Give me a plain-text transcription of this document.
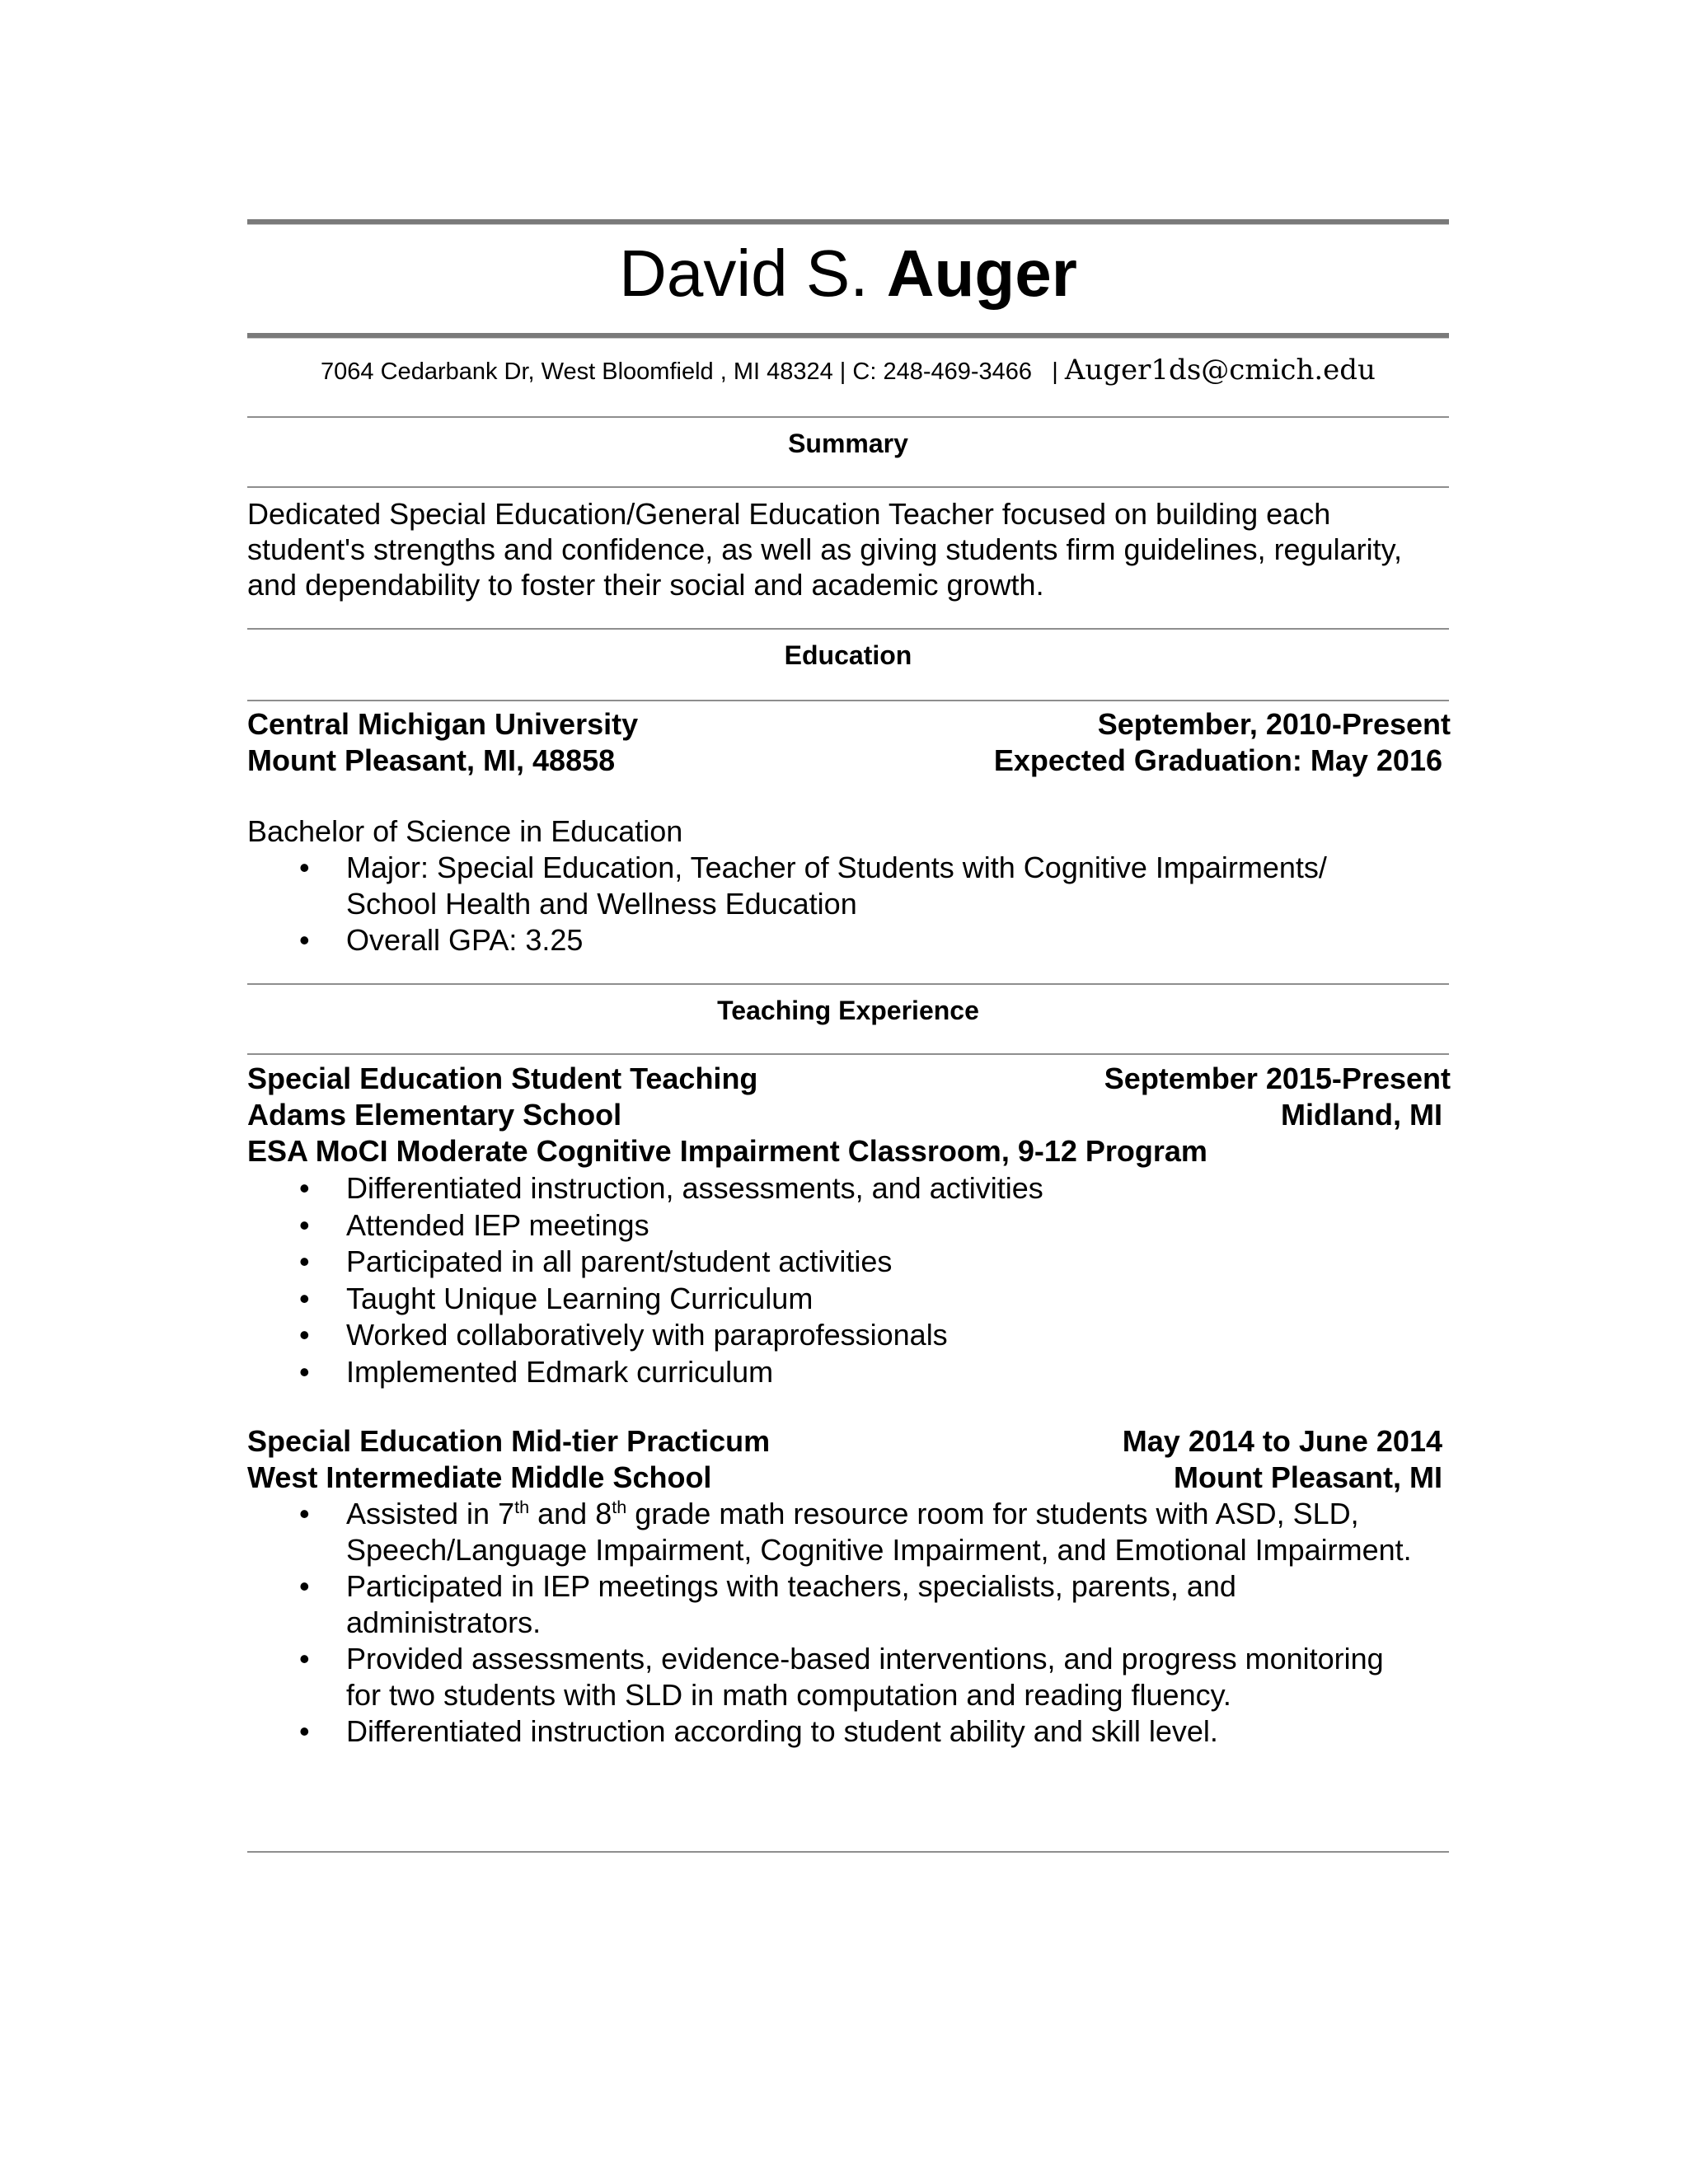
David S. Auger
7064 Cedarbank Dr, West Bloomfield , MI 48324 | C: 248-469-3466 | Auger1ds@cmich.edu
Summary
Dedicated Special Education/General Education Teacher focused on building each student's strengths and confidence, as well as giving students firm guidelines, regularity, and dependability to foster their social and academic growth.
Education
Central Michigan University	September, 2010-Present
Mount Pleasant, MI, 48858	Expected Graduation: May 2016
Bachelor of Science in Education
• Major: Special Education, Teacher of Students with Cognitive Impairments/ School Health and Wellness Education
• Overall GPA: 3.25
Teaching Experience
Special Education Student Teaching	September 2015-Present
Adams Elementary School	Midland, MI
ESA MoCI Moderate Cognitive Impairment Classroom, 9-12 Program
• Differentiated instruction, assessments, and activities
• Attended IEP meetings
• Participated in all parent/student activities
• Taught Unique Learning Curriculum
• Worked collaboratively with paraprofessionals
• Implemented Edmark curriculum
Special Education Mid-tier Practicum	May 2014 to June 2014
West Intermediate Middle School	Mount Pleasant, MI
• Assisted in 7th and 8th grade math resource room for students with ASD, SLD, Speech/Language Impairment, Cognitive Impairment, and Emotional Impairment.
• Participated in IEP meetings with teachers, specialists, parents, and administrators.
• Provided assessments, evidence-based interventions, and progress monitoring for two students with SLD in math computation and reading fluency.
• Differentiated instruction according to student ability and skill level.
